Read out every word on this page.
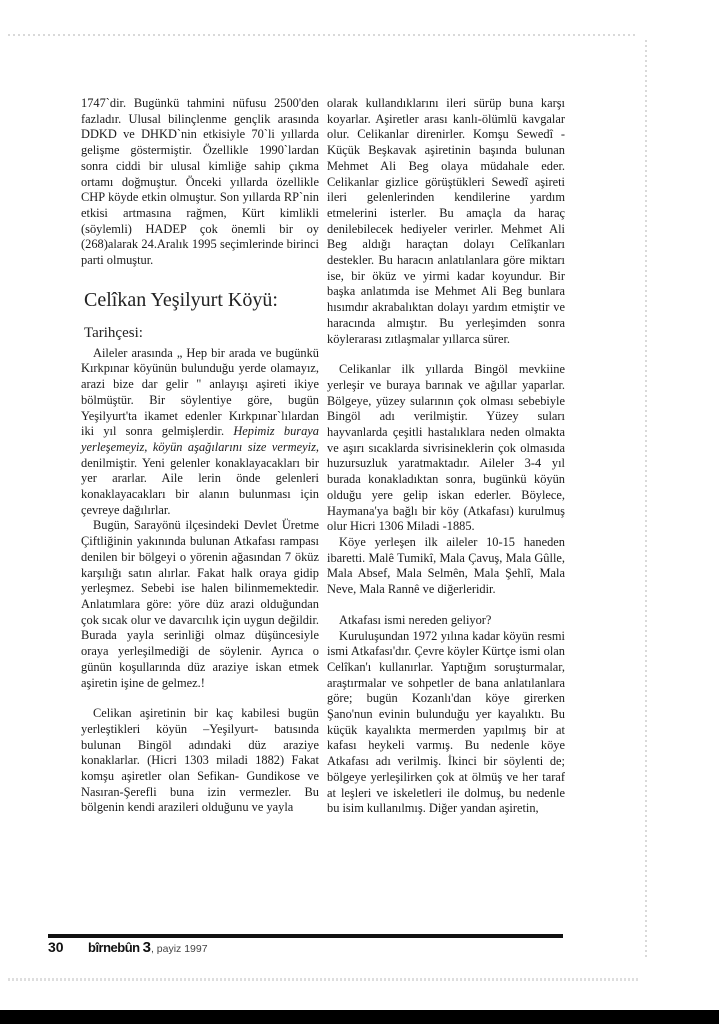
1747`dir. Bugünkü tahmini nüfusu 2500'den fazladır. Ulusal bilinçlenme gençlik arasında DDKD ve DHKD`nin etkisiyle 70`li yıllarda gelişme göstermiştir. Özellikle 1990`lardan sonra ciddi bir ulusal kimliğe sahip çıkma ortamı doğmuştur. Önceki yıllarda özellikle CHP köyde etkin olmuştur. Son yıllarda RP`nin etkisi artmasına rağmen, Kürt kimlikli (söylemli) HADEP çok önemli bir oy (268)alarak 24.Aralık 1995 seçimlerinde birinci parti olmuştur.

Celîkan Yeşilyurt Köyü:
Tarihçesi:

Aileler arasında „ Hep bir arada ve bugünkü Kırkpınar köyünün bulunduğu yerde olamayız, arazi bize dar gelir " anlayışı aşireti ikiye bölmüştür. Bir söylentiye göre, bugün Yeşilyurt'ta ikamet edenler Kırkpınar`lılardan iki yıl sonra gelmişlerdir. Hepimiz buraya yerleşemeyiz, köyün aşağılarını size vermeyiz, denilmiştir. Yeni gelenler konaklayacakları bir yer ararlar. Aile lerin önde gelenleri konaklayacakları bir alanın bulunması için çevreye dağılırlar.

Bugün, Sarayönü ilçesindeki Devlet Üretme Çiftliğinin yakınında bulunan Atkafası rampası denilen bir bölgeyi o yörenin ağasından 7 öküz karşılığı satın alırlar. Fakat halk oraya gidip yerleşmez. Sebebi ise halen bilinmemektedir. Anlatımlara göre: yöre düz arazi olduğundan çok sıcak olur ve davarcılık için uygun değildir. Burada yayla serinliği olmaz düşüncesiyle oraya yerleşilmediği de söylenir. Ayrıca o günün koşullarında düz araziye iskan etmek aşiretin işine de gelmez.!

Celikan aşiretinin bir kaç kabilesi bugün yerleştikleri köyün –Yeşilyurt- batısında bulunan Bingöl adındaki düz araziye konaklarlar. (Hicri 1303 miladi 1882) Fakat komşu aşiretler olan Sefikan- Gundikose ve Nasıran-Şerefli buna izin vermezler. Bu bölgenin kendi arazileri olduğunu ve yayla

olarak kullandıklarını ileri sürüp buna karşı koyarlar. Aşiretler arası kanlı-ölümlü kavgalar olur. Celikanlar direnirler. Komşu Sewedî -Küçük Beşkavak aşiretinin başında bulunan Mehmet Ali Beg olaya müdahale eder. Celikanlar gizlice görüştükleri Sewedî aşireti ileri gelenlerinden kendilerine yardım etmelerini isterler. Bu amaçla da haraç denilebilecek hediyeler verirler. Mehmet Ali Beg aldığı haraçtan dolayı Celîkanları destekler. Bu haracın anlatılanlara göre miktarı ise, bir öküz ve yirmi kadar koyundur. Bir başka anlatımda ise Mehmet Ali Beg bunlara hısımdır akrabalıktan dolayı yardım etmiştir ve haracında almıştır. Bu yerleşimden sonra köylerarası zıtlaşmalar yıllarca sürer.

Celikanlar ilk yıllarda Bingöl mevkiine yerleşir ve buraya barınak ve ağıllar yaparlar. Bölgeye, yüzey sularının çok olması sebebiyle Bingöl adı verilmiştir. Yüzey suları hayvanlarda çeşitli hastalıklara neden olmakta ve aşırı sıcaklarda sivrisineklerin çok olmasıda huzursuzluk yaratmaktadır. Aileler 3-4 yıl burada konakladıktan sonra, bugünkü köyün olduğu yere gelip iskan ederler. Böylece, Haymana'ya bağlı bir köy (Atkafası) kurulmuş olur Hicri 1306 Miladi -1885.

Köye yerleşen ilk aileler 10-15 haneden ibaretti. Malê Tumikî, Mala Çavuş, Mala Gûlle, Mala Absef, Mala Selmên, Mala Şehlî, Mala Neve, Mala Rannê ve diğerleridir.

Atkafası ismi nereden geliyor?

Kuruluşundan 1972 yılına kadar köyün resmi ismi Atkafası'dır. Çevre köyler Kürtçe ismi olan Celîkan'ı kullanırlar. Yaptığım soruşturmalar, araştırmalar ve sohpetler de bana anlatılanlara göre; bugün Kozanlı'dan köye girerken Şano'nun evinin bulunduğu yer kayalıktı. Bu küçük kayalıkta mermerden yapılmış bir at kafası heykeli varmış. Bu nedenle köye Atkafası adı verilmiş. İkinci bir söylenti de; bölgeye yerleşilirken çok at ölmüş ve her taraf at leşleri ve iskeletleri ile dolmuş, bu nedenle bu isim kullanılmış. Diğer yandan aşiretin,

30	bîrnebûn 3 , payiz 1997
